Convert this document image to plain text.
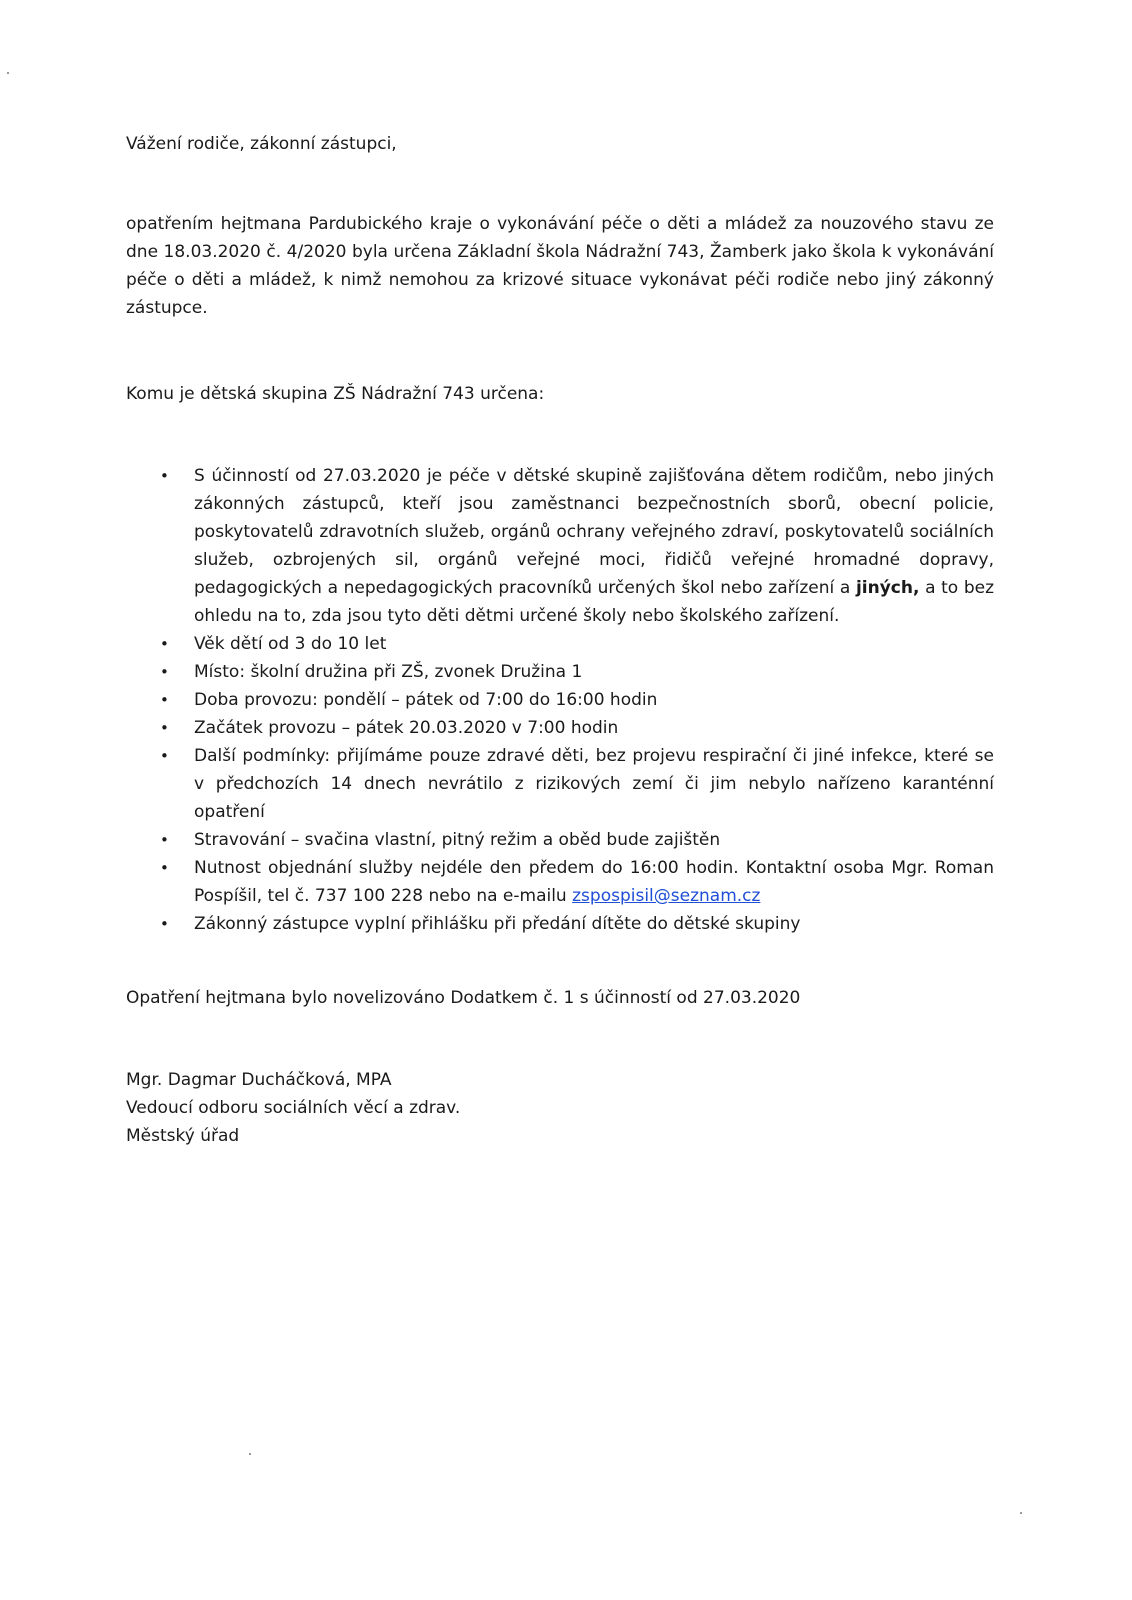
Vážení rodiče, zákonní zástupci,
opatřením hejtmana Pardubického kraje o vykonávání péče o děti a mládež za nouzového stavu ze dne 18.03.2020 č. 4/2020 byla určena Základní škola Nádražní 743, Žamberk jako škola k vykonávání péče o děti a mládež, k nimž nemohou za krizové situace vykonávat péči rodiče nebo jiný zákonný zástupce.
Komu je dětská skupina ZŠ Nádražní 743 určena:
•	S účinností od 27.03.2020 je péče v dětské skupině zajišťována dětem rodičům, nebo jiných zákonných zástupců, kteří jsou zaměstnanci bezpečnostních sborů, obecní policie, poskytovatelů zdravotních služeb, orgánů ochrany veřejného zdraví, poskytovatelů sociálních služeb, ozbrojených sil, orgánů veřejné moci, řidičů veřejné hromadné dopravy, pedagogických a nepedagogických pracovníků určených škol nebo zařízení a jiných, a to bez ohledu na to, zda jsou tyto děti dětmi určené školy nebo školského zařízení.
•	Věk dětí od 3 do 10 let
•	Místo: školní družina při ZŠ, zvonek Družina 1
•	Doba provozu: pondělí – pátek od 7:00 do 16:00 hodin
•	Začátek provozu – pátek 20.03.2020 v 7:00 hodin
•	Další podmínky: přijímáme pouze zdravé děti, bez projevu respirační či jiné infekce, které se v předchozích 14 dnech nevrátilo z rizikových zemí či jim nebylo nařízeno karanténní opatření
•	Stravování – svačina vlastní, pitný režim a oběd bude zajištěn
•	Nutnost objednání služby nejdéle den předem do 16:00 hodin. Kontaktní osoba Mgr. Roman Pospíšil, tel č. 737 100 228 nebo na e-mailu zspospisil@seznam.cz
•	Zákonný zástupce vyplní přihlášku při předání dítěte do dětské skupiny
Opatření hejtmana bylo novelizováno Dodatkem č. 1 s účinností od 27.03.2020
Mgr. Dagmar Ducháčková, MPA
Vedoucí odboru sociálních věcí a zdrav.
Městský úřad
